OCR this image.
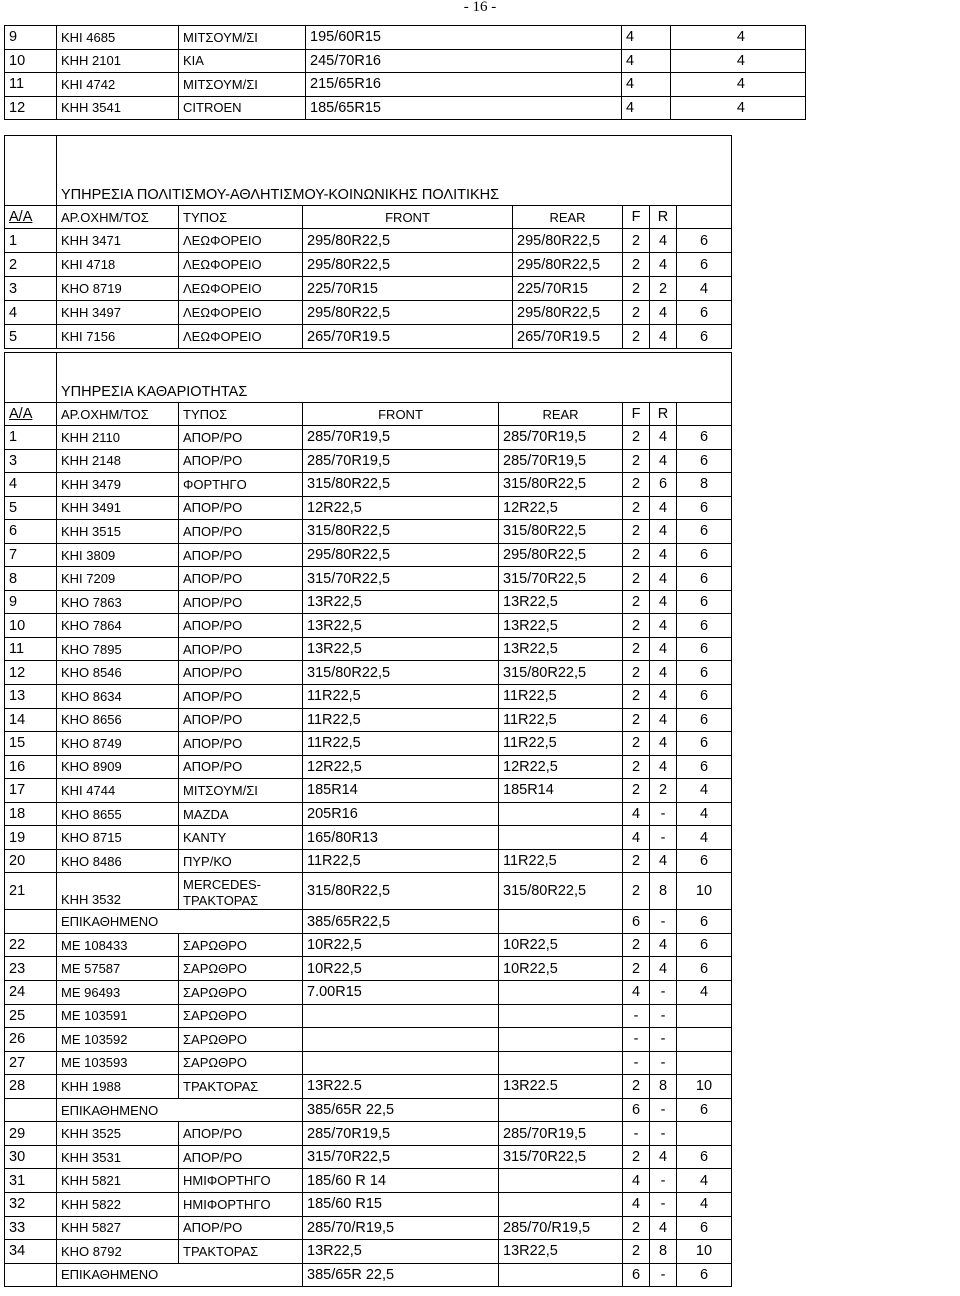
- 16 -
9	ΚΗΙ 4685	ΜΙΤΣΟΥΜ/ΣΙ	195/60R15	4	4
10	ΚΗΗ 2101	ΚΙΑ	245/70R16	4	4
11	ΚΗΙ 4742	ΜΙΤΣΟΥΜ/ΣΙ	215/65R16	4	4
12	ΚΗΗ 3541	CITROEN	185/65R15	4	4
	ΥΠΗΡΕΣΙΑ ΠΟΛΙΤΙΣΜΟΥ-ΑΘΛΗΤΙΣΜΟΥ-ΚΟΙΝΩΝΙΚΗΣ ΠΟΛΙΤΙΚΗΣ						
Α/Α	ΑΡ.ΟΧΗΜ/ΤΟΣ	ΤΥΠΟΣ	FRONT	REAR	F	R	
1	ΚΗΗ 3471	ΛΕΩΦΟΡΕΙΟ	295/80R22,5	295/80R22,5	2	4	6
2	ΚΗΙ 4718	ΛΕΩΦΟΡΕΙΟ	295/80R22,5	295/80R22,5	2	4	6
3	ΚΗΟ 8719	ΛΕΩΦΟΡΕΙΟ	225/70R15	225/70R15	2	2	4
4	ΚΗΗ 3497	ΛΕΩΦΟΡΕΙΟ	295/80R22,5	295/80R22,5	2	4	6
5	ΚΗΙ 7156	ΛΕΩΦΟΡΕΙΟ	265/70R19.5	265/70R19.5	2	4	6
	ΥΠΗΡΕΣΙΑ ΚΑΘΑΡΙΟΤΗΤΑΣ						
Α/Α	ΑΡ.ΟΧΗΜ/ΤΟΣ	ΤΥΠΟΣ	FRONT	REAR	F	R	
1	ΚΗΗ 2110	ΑΠΟΡ/ΡΟ	285/70R19,5	285/70R19,5	2	4	6
3	ΚΗΗ 2148	ΑΠΟΡ/ΡΟ	285/70R19,5	285/70R19,5	2	4	6
4	ΚΗΗ 3479	ΦΟΡΤΗΓΟ	315/80R22,5	315/80R22,5	2	6	8
5	ΚΗΗ 3491	ΑΠΟΡ/ΡΟ	12R22,5	12R22,5	2	4	6
6	ΚΗΗ 3515	ΑΠΟΡ/ΡΟ	315/80R22,5	315/80R22,5	2	4	6
7	ΚΗΙ 3809	ΑΠΟΡ/ΡΟ	295/80R22,5	295/80R22,5	2	4	6
8	ΚΗΙ 7209	ΑΠΟΡ/ΡΟ	315/70R22,5	315/70R22,5	2	4	6
9	ΚΗΟ 7863	ΑΠΟΡ/ΡΟ	13R22,5	13R22,5	2	4	6
10	ΚΗΟ 7864	ΑΠΟΡ/ΡΟ	13R22,5	13R22,5	2	4	6
11	ΚΗΟ 7895	ΑΠΟΡ/ΡΟ	13R22,5	13R22,5	2	4	6
12	ΚΗΟ 8546	ΑΠΟΡ/ΡΟ	315/80R22,5	315/80R22,5	2	4	6
13	ΚΗΟ 8634	ΑΠΟΡ/ΡΟ	11R22,5	11R22,5	2	4	6
14	ΚΗΟ 8656	ΑΠΟΡ/ΡΟ	11R22,5	11R22,5	2	4	6
15	ΚΗΟ 8749	ΑΠΟΡ/ΡΟ	11R22,5	11R22,5	2	4	6
16	ΚΗΟ 8909	ΑΠΟΡ/ΡΟ	12R22,5	12R22,5	2	4	6
17	ΚΗΙ 4744	ΜΙΤΣΟΥΜ/ΣΙ	185R14	185R14	2	2	4
18	ΚΗΟ 8655	MAZDA	205R16		4	-	4
19	ΚΗΟ 8715	ΚΑΝΤΥ	165/80R13		4	-	4
20	ΚΗΟ 8486	ΠΥΡ/ΚΟ	11R22,5	11R22,5	2	4	6
21	ΚΗΗ 3532	MERCEDES-ΤΡΑΚΤΟΡΑΣ	315/80R22,5	315/80R22,5	2	8	10
	ΕΠΙΚΑΘΗΜΕΝΟ		385/65R22,5		6	-	6
22	ΜΕ 108433	ΣΑΡΩΘΡΟ	10R22,5	10R22,5	2	4	6
23	ΜΕ 57587	ΣΑΡΩΘΡΟ	10R22,5	10R22,5	2	4	6
24	ΜΕ 96493	ΣΑΡΩΘΡΟ	7.00R15		4	-	4
25	ΜΕ 103591	ΣΑΡΩΘΡΟ			-	-	
26	ΜΕ 103592	ΣΑΡΩΘΡΟ			-	-	
27	ΜΕ 103593	ΣΑΡΩΘΡΟ			-	-	
28	ΚΗΗ 1988	ΤΡΑΚΤΟΡΑΣ	13R22.5	13R22.5	2	8	10
	ΕΠΙΚΑΘΗΜΕΝΟ		385/65R 22,5		6	-	6
29	ΚΗΗ 3525	ΑΠΟΡ/ΡΟ	285/70R19,5	285/70R19,5	-	-	
30	ΚΗΗ 3531	ΑΠΟΡ/ΡΟ	315/70R22,5	315/70R22,5	2	4	6
31	ΚΗΗ 5821	ΗΜΙΦΟΡΤΗΓΟ	185/60 R 14		4	-	4
32	ΚΗΗ 5822	ΗΜΙΦΟΡΤΗΓΟ	185/60 R15		4	-	4
33	ΚΗΗ 5827	ΑΠΟΡ/ΡΟ	285/70/R19,5	285/70/R19,5	2	4	6
34	ΚΗΟ 8792	ΤΡΑΚΤΟΡΑΣ	13R22,5	13R22,5	2	8	10
	ΕΠΙΚΑΘΗΜΕΝΟ		385/65R 22,5		6	-	6
